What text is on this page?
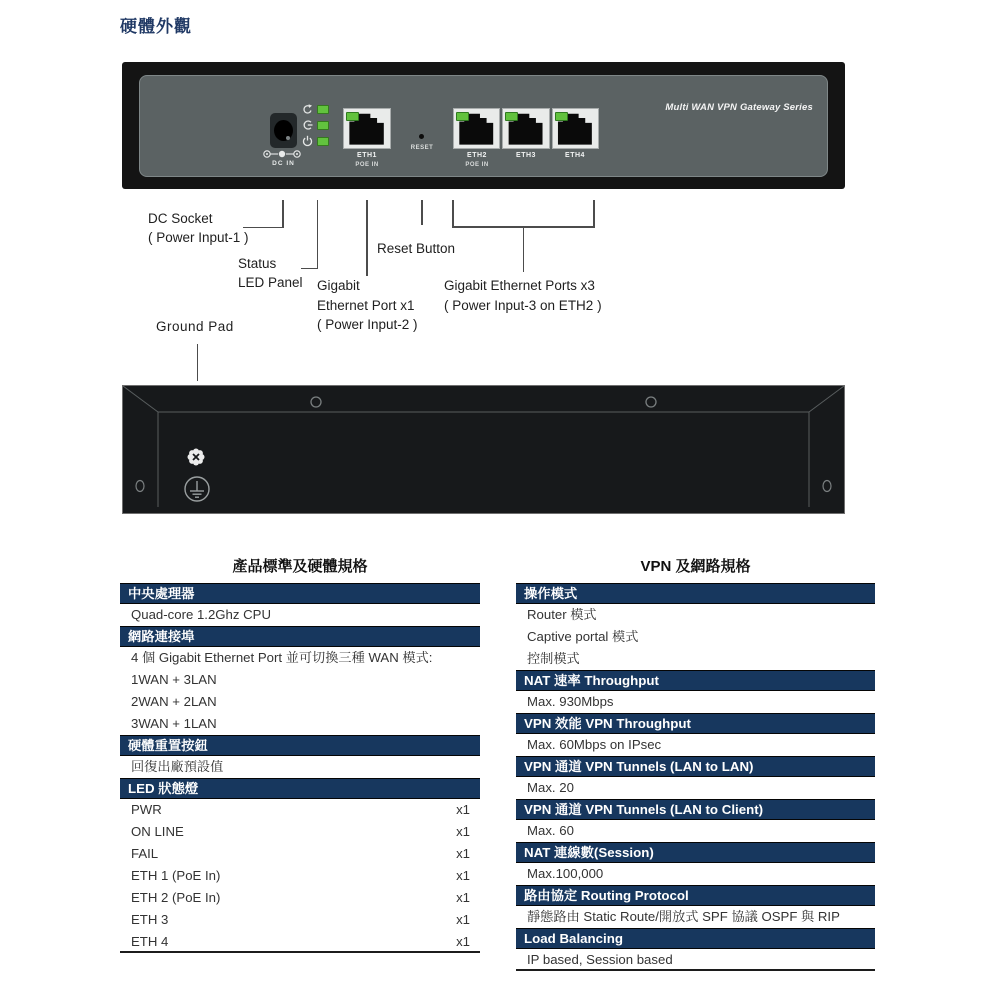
硬體外觀
DC IN
ETH1
POE IN
RESET
ETH2
POE IN
ETH3	ETH4
Multi WAN VPN Gateway Series
DC Socket
( Power Input-1 )
Status
LED Panel Gigabit
Ethernet Port x1
( Power Input-2 )
Reset Button
Gigabit Ethernet Ports x3
( Power Input-3 on ETH2 )
Ground Pad
產品標準及硬體規格
中央處理器
Quad-core 1.2Ghz CPU
網路連接埠
4 個 Gigabit Ethernet Port 並可切換三種 WAN 模式:
1WAN + 3LAN
2WAN + 2LAN
3WAN + 1LAN
硬體重置按鈕
回復出廠預設值
LED 狀態燈
PWR	x1
ON LINE	x1
FAIL	x1
ETH 1 (PoE In)	x1
ETH 2 (PoE In)	x1
ETH 3	x1
ETH 4	x1
VPN 及網路規格
操作模式
Router 模式
Captive portal 模式
控制模式
NAT 速率 Throughput
Max. 930Mbps
VPN 效能 VPN Throughput
Max. 60Mbps on IPsec
VPN 通道 VPN Tunnels (LAN to LAN)
Max. 20
VPN 通道 VPN Tunnels (LAN to Client)
Max. 60
NAT 連線數(Session)
Max.100,000
路由協定 Routing Protocol
靜態路由 Static Route/開放式 SPF 協議 OSPF 與 RIP
Load Balancing
IP based, Session based
